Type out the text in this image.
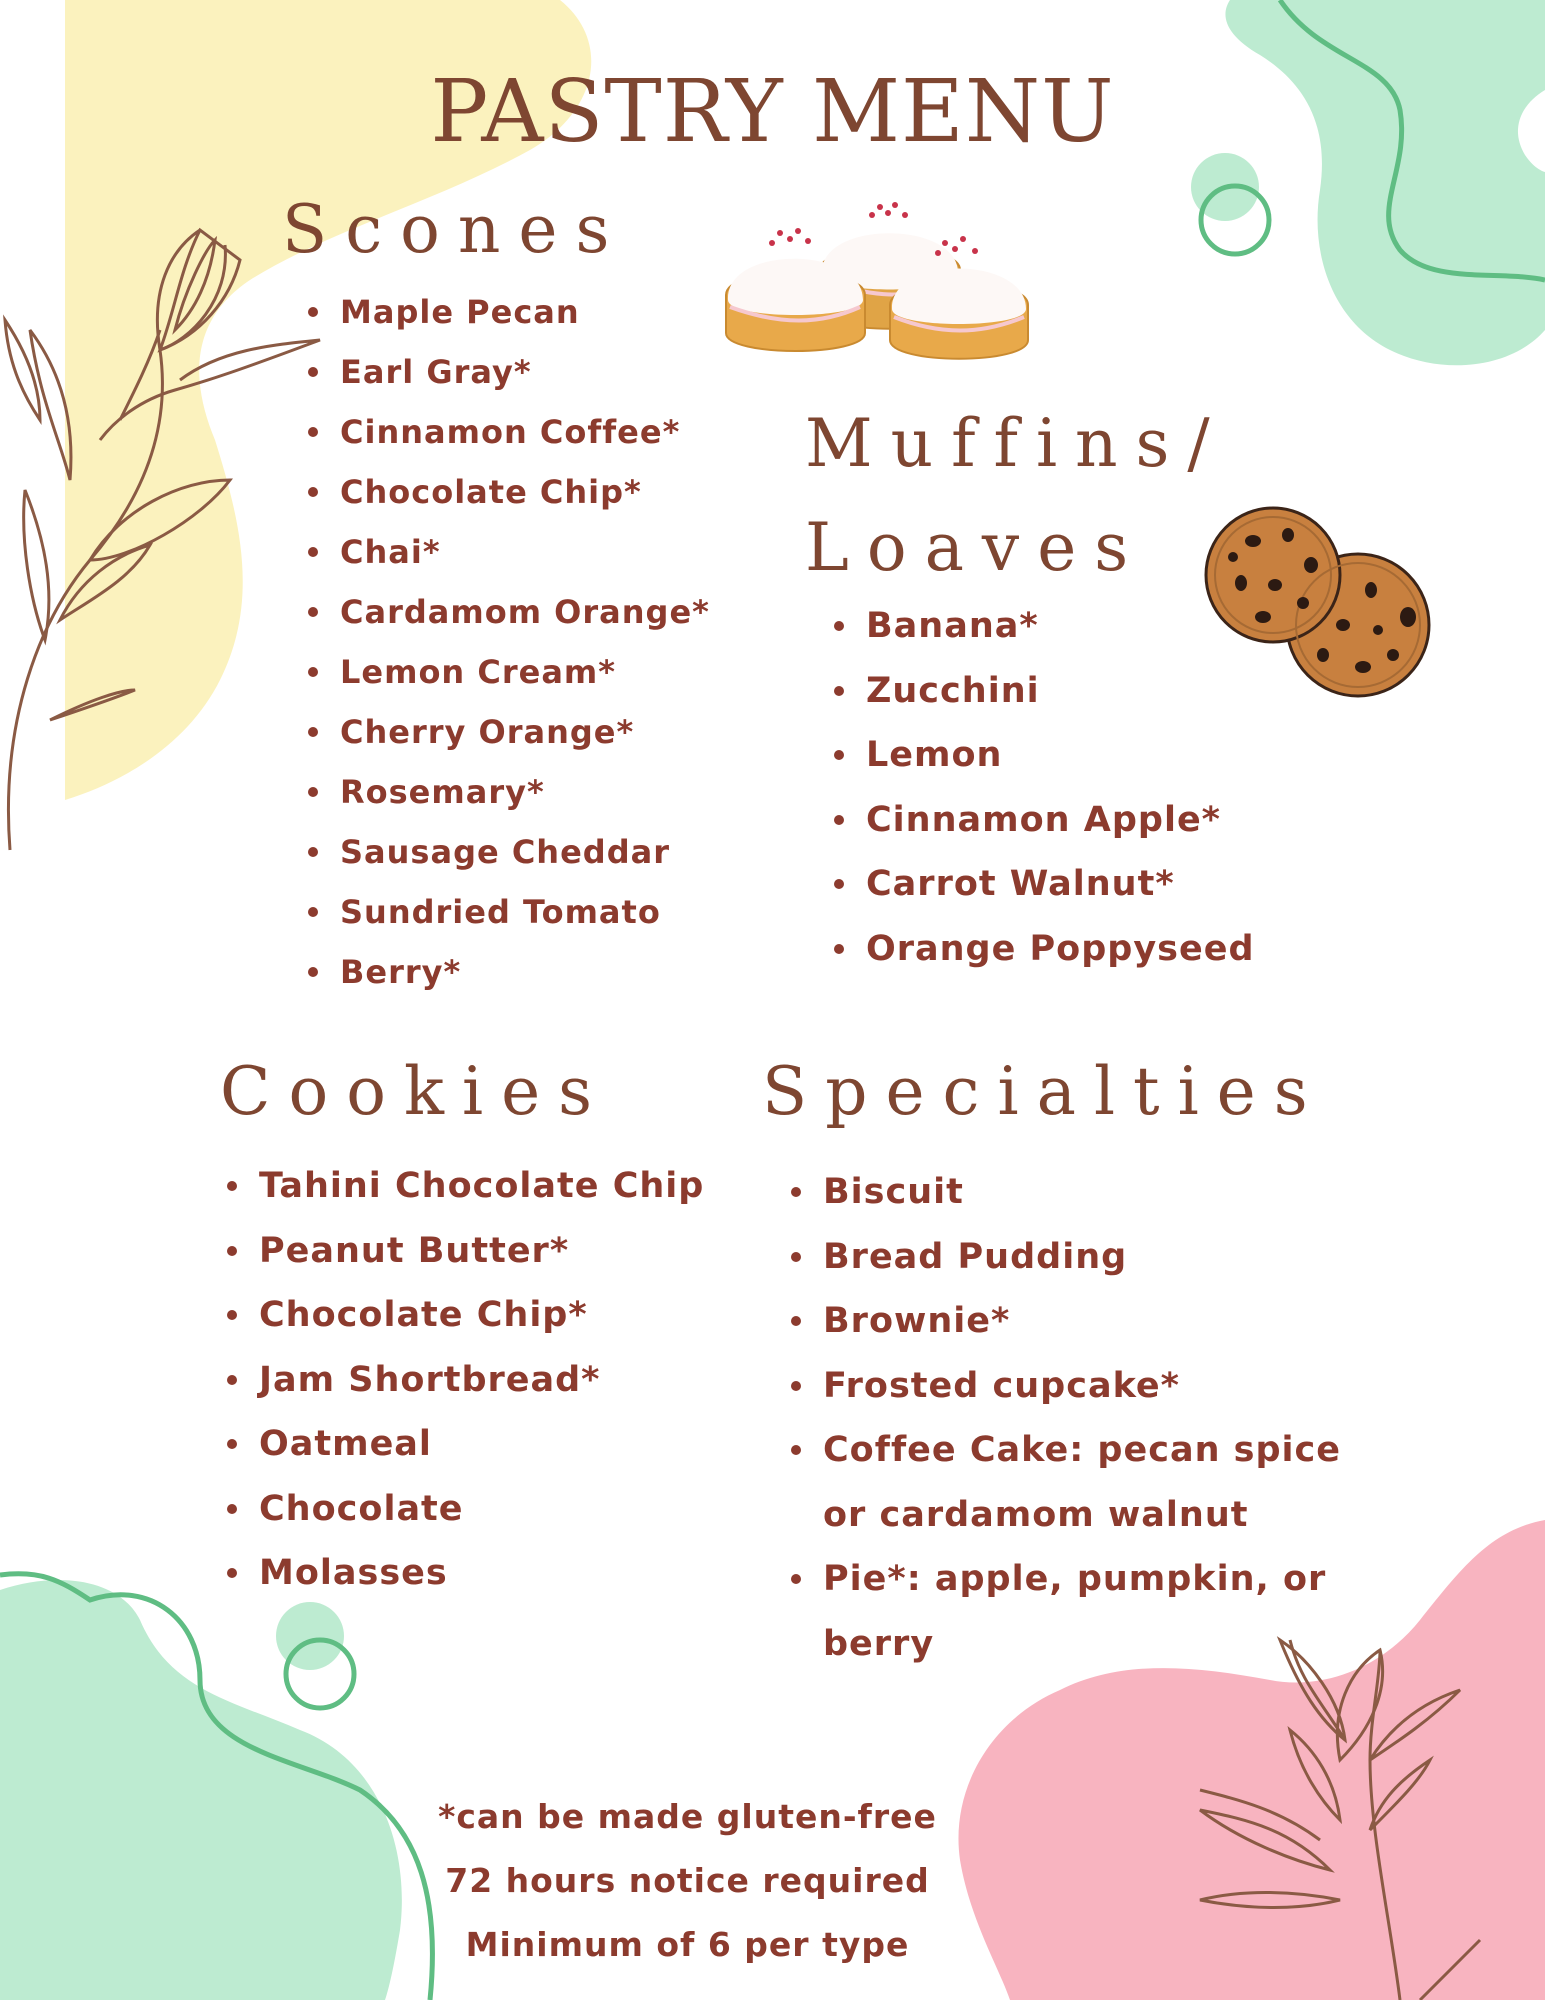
PASTRY MENU
Scones
Maple Pecan
Earl Gray*
Cinnamon Coffee*
Chocolate Chip*
Chai*
Cardamom Orange*
Lemon Cream*
Cherry Orange*
Rosemary*
Sausage Cheddar
Sundried Tomato
Berry*
Muffins/
Loaves
Banana*
Zucchini
Lemon
Cinnamon Apple*
Carrot Walnut*
Orange Poppyseed
Cookies
Tahini Chocolate Chip
Peanut Butter*
Chocolate Chip*
Jam Shortbread*
Oatmeal
Chocolate
Molasses
Specialties
Biscuit
Bread Pudding
Brownie*
Frosted cupcake*
Coffee Cake: pecan spice or cardamom walnut
Pie*: apple, pumpkin, or berry
*can be made gluten-free
72 hours notice required
Minimum of 6 per type
